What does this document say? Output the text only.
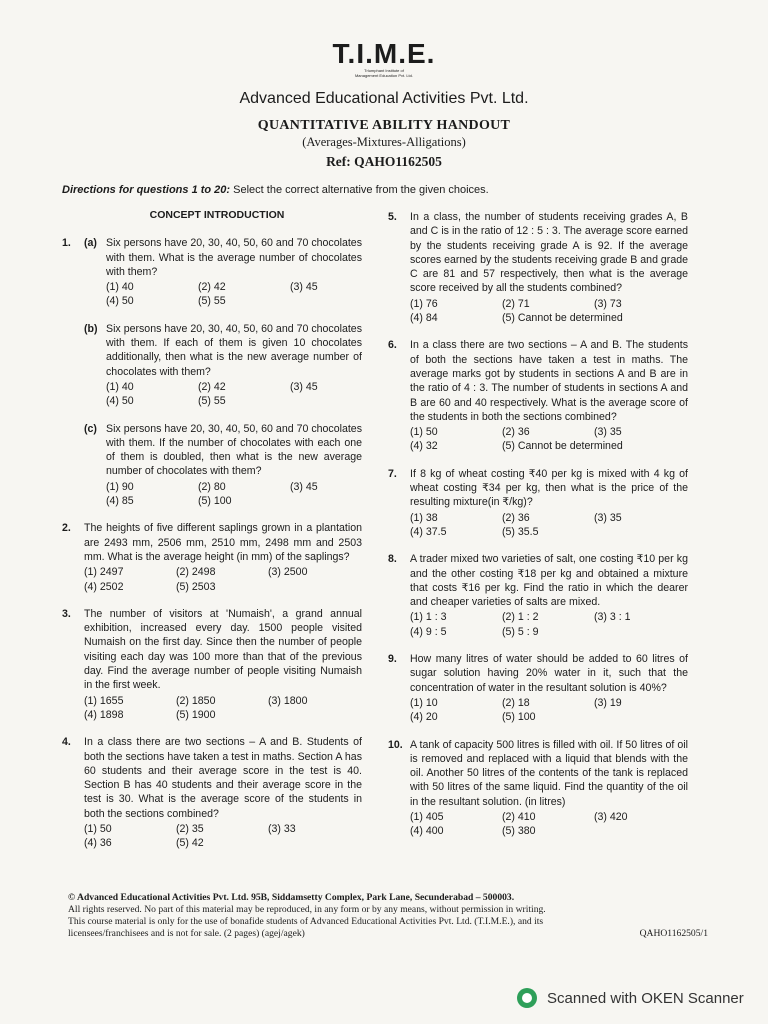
T.I.M.E.
Triumphant Institute of
Management Education Pvt. Ltd.
Advanced Educational Activities Pvt. Ltd.
QUANTITATIVE ABILITY HANDOUT
(Averages-Mixtures-Alligations)
Ref: QAHO1162505
Directions for questions 1 to 20: Select the correct alternative from the given choices.
CONCEPT INTRODUCTION
1. (a) Six persons have 20, 30, 40, 50, 60 and 70 chocolates with them. What is the average number of chocolates with them?
(1) 40	(2) 42	(3) 45
(4) 50	(5) 55
(b) Six persons have 20, 30, 40, 50, 60 and 70 chocolates with them. If each of them is given 10 chocolates additionally, then what is the new average number of chocolates with them?
(1) 40	(2) 42	(3) 45
(4) 50	(5) 55
(c) Six persons have 20, 30, 40, 50, 60 and 70 chocolates with them. If the number of chocolates with each one of them is doubled, then what is the new average number of chocolates with them?
(1) 90	(2) 80	(3) 45
(4) 85	(5) 100
2. The heights of five different saplings grown in a plantation are 2493 mm, 2506 mm, 2510 mm, 2498 mm and 2503 mm. What is the average height (in mm) of the saplings?
(1) 2497	(2) 2498	(3) 2500
(4) 2502	(5) 2503
3. The number of visitors at 'Numaish', a grand annual exhibition, increased every day. 1500 people visited Numaish on the first day. Since then the number of people visiting each day was 100 more than that of the previous day. Find the average number of people visiting Numaish in the first week.
(1) 1655	(2) 1850	(3) 1800
(4) 1898	(5) 1900
4. In a class there are two sections – A and B. Students of both the sections have taken a test in maths. Section A has 60 students and their average score in the test is 40. Section B has 40 students and their average score in the test is 30. What is the average score of the students in both the sections combined?
(1) 50	(2) 35	(3) 33
(4) 36	(5) 42
5. In a class, the number of students receiving grades A, B and C is in the ratio of 12 : 5 : 3. The average score earned by the students receiving grade A is 92. If the average scores earned by the students receiving grade B and grade C are 81 and 57 respectively, then what is the average score received by all the students combined?
(1) 76	(2) 71	(3) 73
(4) 84	(5) Cannot be determined
6. In a class there are two sections – A and B. The students of both the sections have taken a test in maths. The average marks got by students in sections A and B are in the ratio of 4 : 3. The number of students in sections A and B are 60 and 40 respectively. What is the average score of the students in both the sections combined?
(1) 50	(2) 36	(3) 35
(4) 32	(5) Cannot be determined
7. If 8 kg of wheat costing ₹40 per kg is mixed with 4 kg of wheat costing ₹34 per kg, then what is the price of the resulting mixture(in ₹/kg)?
(1) 38	(2) 36	(3) 35
(4) 37.5	(5) 35.5
8. A trader mixed two varieties of salt, one costing ₹10 per kg and the other costing ₹18 per kg and obtained a mixture that costs ₹16 per kg. Find the ratio in which the dearer and cheaper varieties of salts are mixed.
(1) 1 : 3	(2) 1 : 2	(3) 3 : 1
(4) 9 : 5	(5) 5 : 9
9. How many litres of water should be added to 60 litres of sugar solution having 20% water in it, such that the concentration of water in the resultant solution is 40%?
(1) 10	(2) 18	(3) 19
(4) 20	(5) 100
10. A tank of capacity 500 litres is filled with oil. If 50 litres of oil is removed and replaced with a liquid that blends with the oil. Another 50 litres of the contents of the tank is replaced with 50 litres of the same liquid. Find the quantity of the oil in the resultant solution. (in litres)
(1) 405	(2) 410	(3) 420
(4) 400	(5) 380
© Advanced Educational Activities Pvt. Ltd. 95B, Siddamsetty Complex, Park Lane, Secunderabad – 500003.
All rights reserved. No part of this material may be reproduced, in any form or by any means, without permission in writing.
This course material is only for the use of bonafide students of Advanced Educational Activities Pvt. Ltd. (T.I.M.E.), and its
licensees/franchisees and is not for sale. (2 pages) (agej/agek)	QAHO1162505/1
Scanned with OKEN Scanner
